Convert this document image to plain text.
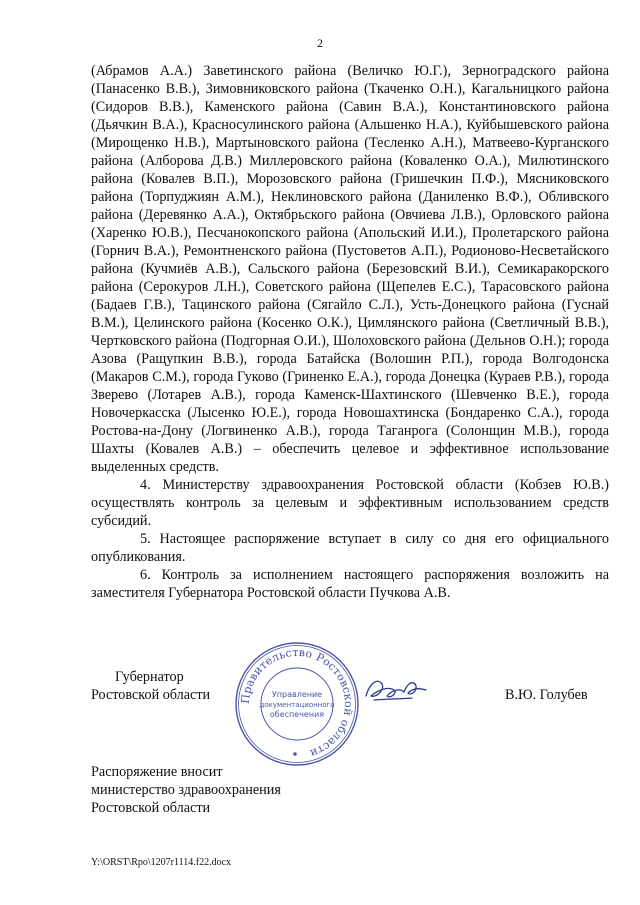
2

(Абрамов А.А.) Заветинского района (Величко Ю.Г.), Зерноградского района (Панасенко В.В.), Зимовниковского района (Ткаченко О.Н.), Кагальницкого района (Сидоров В.В.), Каменского района (Савин В.А.), Константиновского района (Дьячкин В.А.), Красносулинского района (Альшенко Н.А.), Куйбышевского района (Мирощенко Н.В.), Мартыновского района (Тесленко А.Н.), Матвеево-Курганского района (Алборова Д.В.) Миллеровского района (Коваленко О.А.), Милютинского района (Ковалев В.П.), Морозовского района (Гришечкин П.Ф.), Мясниковского района (Торпуджиян А.М.), Неклиновского района (Даниленко В.Ф.), Обливского района (Деревянко А.А.), Октябрьского района (Овчиева Л.В.), Орловского района (Харенко Ю.В.), Песчанокопского района (Апольский И.И.), Пролетарского района (Горнич В.А.), Ремонтненского района (Пустоветов А.П.), Родионово-Несветайского района (Кучмиёв А.В.), Сальского района (Березовский В.И.), Семикаракорского района (Серокуров Л.Н.), Советского района (Щепелев Е.С.), Тарасовского района (Бадаев Г.В.), Тацинского района (Сягайло С.Л.), Усть-Донецкого района (Гуснай В.М.), Целинского района (Косенко О.К.), Цимлянского района (Светличный В.В.), Чертковского района (Подгорная О.И.), Шолоховского района (Дельнов О.Н.); города Азова (Ращупкин В.В.), города Батайска (Волошин Р.П.), города Волгодонска (Макаров С.М.), города Гуково (Гриненко Е.А.), города Донецка (Кураев Р.В.), города Зверево (Лотарев А.В.), города Каменск-Шахтинского (Шевченко В.Е.), города Новочеркасска (Лысенко Ю.Е.), города Новошахтинска (Бондаренко С.А.), города Ростова-на-Дону (Логвиненко А.В.), города Таганрога (Солонщин М.В.), города Шахты (Ковалев А.В.) – обеспечить целевое и эффективное использование выделенных средств.

4. Министерству здравоохранения Ростовской области (Кобзев Ю.В.) осуществлять контроль за целевым и эффективным использованием средств субсидий.

5. Настоящее распоряжение вступает в силу со дня его официального опубликования.

6. Контроль за исполнением настоящего распоряжения возложить на заместителя Губернатора Ростовской области Пучкова А.В.

Губернатор
Ростовской области	Правительство Ростовской области
Управление
документационного
обеспечения
В.Ю. Голубев
Распоряжение вносит
министерство здравоохранения
Ростовской области
Y:\ORST\Rpo\1207r1114.f22.docx
